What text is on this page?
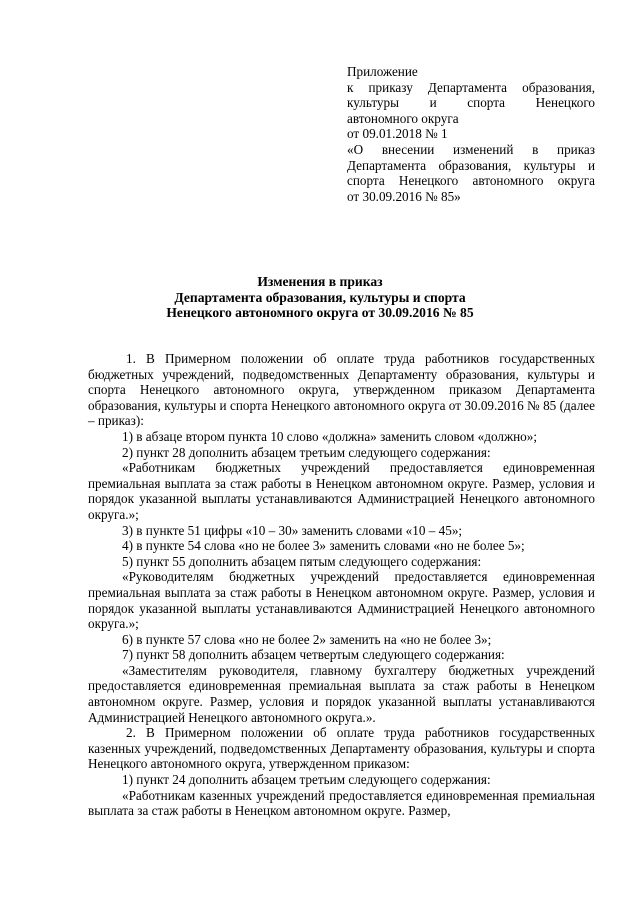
Приложение
к приказу Департамента образования,
культуры и спорта Ненецкого
автономного округа
от 09.01.2018 № 1
«О внесении изменений в приказ
Департамента образования, культуры и
спорта Ненецкого автономного округа
от 30.09.2016 № 85»
Изменения в приказ
Департамента образования, культуры и спорта
Ненецкого автономного округа от 30.09.2016 № 85

1. В Примерном положении об оплате труда работников государственных бюджетных учреждений, подведомственных Департаменту образования, культуры и спорта Ненецкого автономного округа, утвержденном приказом Департамента образования, культуры и спорта Ненецкого автономного округа от 30.09.2016 № 85 (далее – приказ):

1) в абзаце втором пункта 10 слово «должна» заменить словом «должно»;

2) пункт 28 дополнить абзацем третьим следующего содержания:

«Работникам бюджетных учреждений предоставляется единовременная премиальная выплата за стаж работы в Ненецком автономном округе. Размер, условия и порядок указанной выплаты устанавливаются Администрацией Ненецкого автономного округа.»;

3) в пункте 51 цифры «10 – 30» заменить словами «10 – 45»;

4) в пункте 54 слова «но не более 3» заменить словами «но не более 5»;

5) пункт 55 дополнить абзацем пятым следующего содержания:

«Руководителям бюджетных учреждений предоставляется единовременная премиальная выплата за стаж работы в Ненецком автономном округе. Размер, условия и порядок указанной выплаты устанавливаются Администрацией Ненецкого автономного округа.»;

6) в пункте 57 слова «но не более 2» заменить на «но не более 3»;

7) пункт 58 дополнить абзацем четвертым следующего содержания:

«Заместителям руководителя, главному бухгалтеру бюджетных учреждений предоставляется единовременная премиальная выплата за стаж работы в Ненецком автономном округе. Размер, условия и порядок указанной выплаты устанавливаются Администрацией Ненецкого автономного округа.».

2. В Примерном положении об оплате труда работников государственных казенных учреждений, подведомственных Департаменту образования, культуры и спорта Ненецкого автономного округа, утвержденном приказом:

1) пункт 24 дополнить абзацем третьим следующего содержания:

«Работникам казенных учреждений предоставляется единовременная премиальная выплата за стаж работы в Ненецком автономном округе. Размер,
